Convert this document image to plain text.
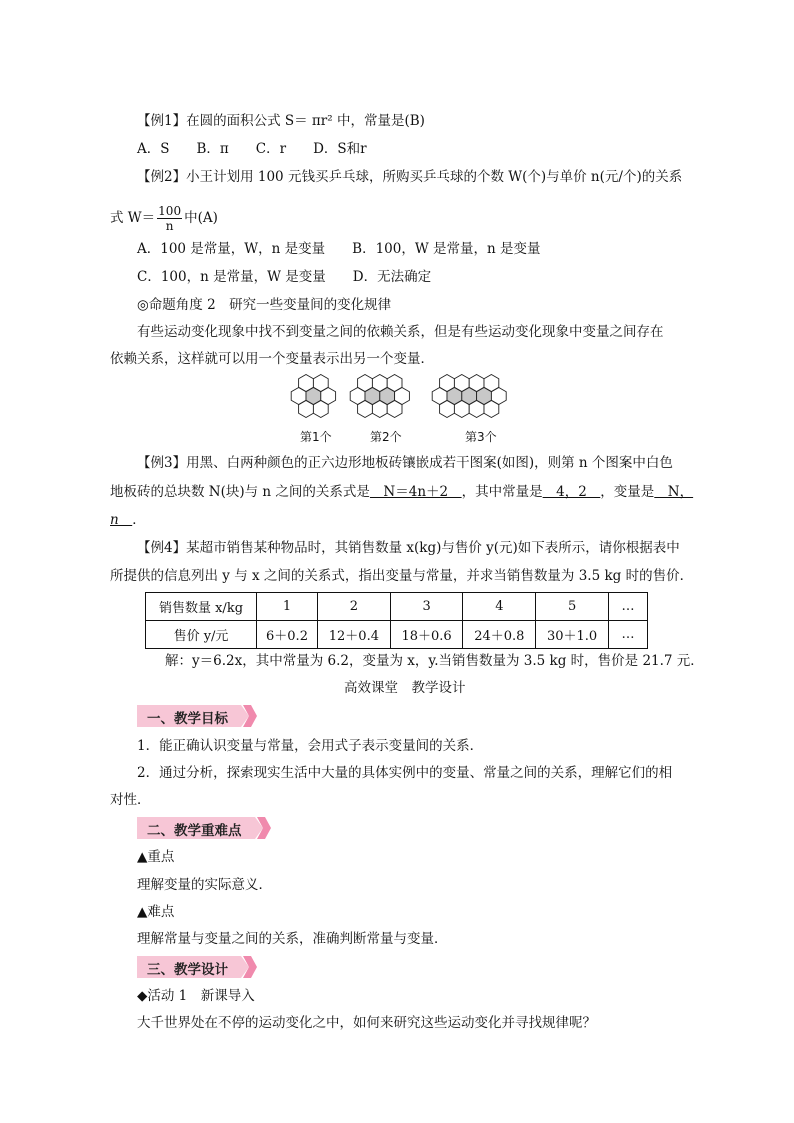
【例1】在圆的面积公式 S＝ πr² 中，常量是(B)
A．S　　B．π　　C．r　　D．S和r
【例2】小王计划用 100 元钱买乒乓球，所购买乒乓球的个数 W(个)与单价 n(元/个)的关系
式 $W= \frac{100}{n}$ 中(A)
A．100 是常量，W，n 是变量　　B．100，W 是常量，n 是变量
C．100，n 是常量，W 是变量　　D．无法确定
◎命题角度 2　研究一些变量间的变化规律
有些运动变化现象中找不到变量之间的依赖关系，但是有些运动变化现象中变量之间存在
依赖关系，这样就可以用一个变量表示出另一个变量．
第1个	第2个	第3个
【例3】用黑、白两种颜色的正六边形地板砖镶嵌成若干图案(如图)，则第 n 个图案中白色
地板砖的总块数 N(块)与 n 之间的关系式是　N＝4n＋2　，其中常量是　4，2　，变量是　N，
n　．
【例4】某超市销售某种物品时，其销售数量 x(kg)与售价 y(元)如下表所示，请你根据表中
所提供的信息列出 y 与 x 之间的关系式，指出变量与常量，并求当销售数量为 3.5 kg 时的售价．
销售数量 x/kg	1	2	3	4	5	…
售价 y/元	6＋0.2	12＋0.4	18＋0.6	24＋0.8	30＋1.0	…
解：y＝6.2x，其中常量为 6.2，变量为 x，y.当销售数量为 3.5 kg 时，售价是 21.7 元．
高效课堂　教学设计
一、教学目标
1．能正确认识变量与常量，会用式子表示变量间的关系．
2．通过分析，探索现实生活中大量的具体实例中的变量、常量之间的关系，理解它们的相
对性．
二、教学重难点
▲重点
理解变量的实际意义．
▲难点
理解常量与变量之间的关系，准确判断常量与变量．
三、教学设计
◆活动 1　新课导入
大千世界处在不停的运动变化之中，如何来研究这些运动变化并寻找规律呢？
